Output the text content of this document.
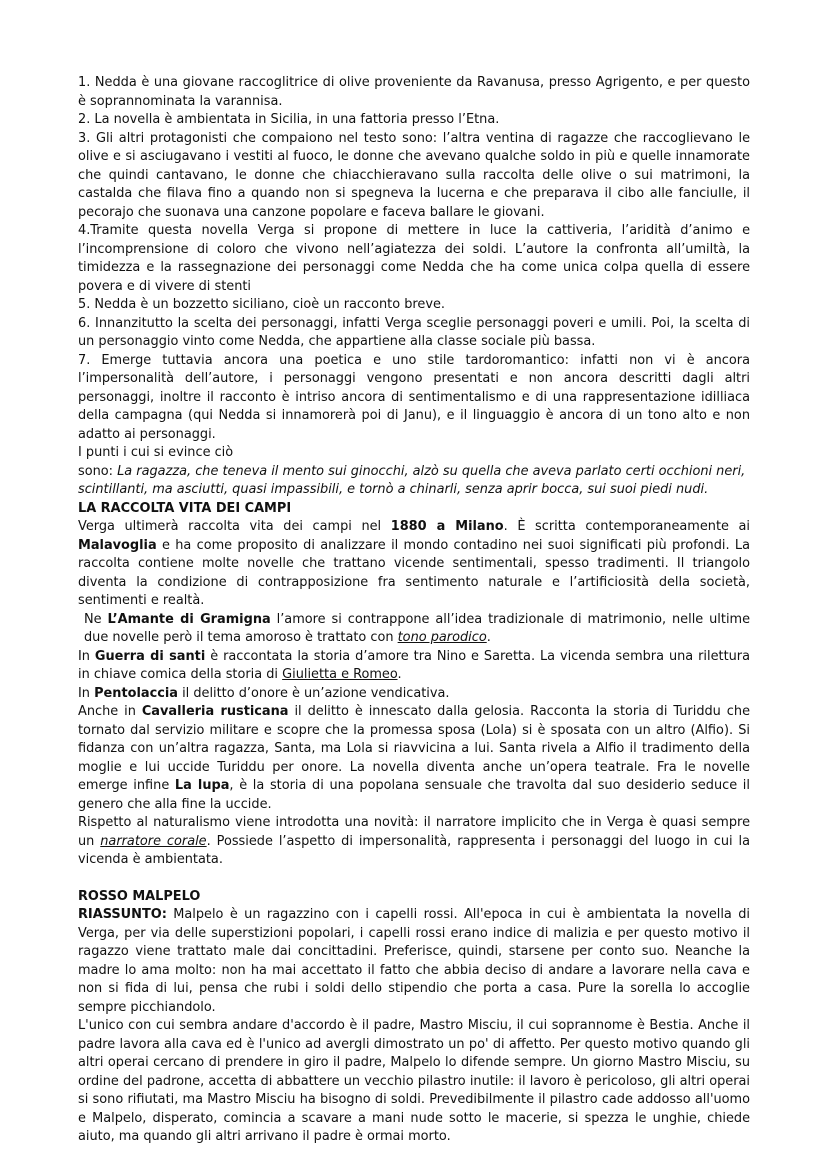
1. Nedda è una giovane raccoglitrice di olive proveniente da Ravanusa, presso Agrigento, e per questo è soprannominata la varannisa.

2. La novella è ambientata in Sicilia, in una fattoria presso l’Etna.

3. Gli altri protagonisti che compaiono nel testo sono: l’altra ventina di ragazze che raccoglievano le olive e si asciugavano i vestiti al fuoco, le donne che avevano qualche soldo in più e quelle innamorate che quindi cantavano, le donne che chiacchieravano sulla raccolta delle olive o sui matrimoni, la castalda che filava fino a quando non si spegneva la lucerna e che preparava il cibo alle fanciulle, il pecorajo che suonava una canzone popolare e faceva ballare le giovani.

4.Tramite questa novella Verga si propone di mettere in luce la cattiveria, l’aridità d’animo e l’incomprensione di coloro che vivono nell’agiatezza dei soldi. L’autore la confronta all’umiltà, la timidezza e la rassegnazione dei personaggi come Nedda che ha come unica colpa quella di essere povera e di vivere di stenti

5. Nedda è un bozzetto siciliano, cioè un racconto breve.

6. Innanzitutto la scelta dei personaggi, infatti Verga sceglie personaggi poveri e umili. Poi, la scelta di un personaggio vinto come Nedda, che appartiene alla classe sociale più bassa.

7. Emerge tuttavia ancora una poetica e uno stile tardoromantico: infatti non vi è ancora l’impersonalità dell’autore, i personaggi vengono presentati e non ancora descritti dagli altri personaggi, inoltre il racconto è intriso ancora di sentimentalismo e di una rappresentazione idilliaca della campagna (qui Nedda si innamorerà poi di Janu), e il linguaggio è ancora di un tono alto e non adatto ai personaggi.

I punti i cui si evince ciò

sono: La ragazza, che teneva il mento sui ginocchi, alzò su quella che aveva parlato certi occhioni neri, scintillanti, ma asciutti, quasi impassibili, e tornò a chinarli, senza aprir bocca, sui suoi piedi nudi.

LA RACCOLTA VITA DEI CAMPI

Verga ultimerà raccolta vita dei campi nel 1880 a Milano. È scritta contemporaneamente ai Malavoglia e ha come proposito di analizzare il mondo contadino nei suoi significati più profondi. La raccolta contiene molte novelle che trattano vicende sentimentali, spesso tradimenti. Il triangolo diventa la condizione di contrapposizione fra sentimento naturale e l’artificiosità della società, sentimenti e realtà.

Ne L’Amante di Gramigna l’amore si contrappone all’idea tradizionale di matrimonio, nelle ultime due novelle però il tema amoroso è trattato con tono parodico.

In Guerra di santi è raccontata la storia d’amore tra Nino e Saretta. La vicenda sembra una rilettura in chiave comica della storia di Giulietta e Romeo.

In Pentolaccia il delitto d’onore è un’azione vendicativa.

Anche in Cavalleria rusticana il delitto è innescato dalla gelosia. Racconta la storia di Turiddu che tornato dal servizio militare e scopre che la promessa sposa (Lola) si è sposata con un altro (Alfio). Si fidanza con un’altra ragazza, Santa, ma Lola si riavvicina a lui. Santa rivela a Alfio il tradimento della moglie e lui uccide Turiddu per onore. La novella diventa anche un’opera teatrale. Fra le novelle emerge infine La lupa, è la storia di una popolana sensuale che travolta dal suo desiderio seduce il genero che alla fine la uccide.

Rispetto al naturalismo viene introdotta una novità: il narratore implicito che in Verga è quasi sempre un narratore corale. Possiede l’aspetto di impersonalità, rappresenta i personaggi del luogo in cui la vicenda è ambientata.

ROSSO MALPELO

RIASSUNTO: Malpelo è un ragazzino con i capelli rossi. All'epoca in cui è ambientata la novella di Verga, per via delle superstizioni popolari, i capelli rossi erano indice di malizia e per questo motivo il ragazzo viene trattato male dai concittadini. Preferisce, quindi, starsene per conto suo. Neanche la madre lo ama molto: non ha mai accettato il fatto che abbia deciso di andare a lavorare nella cava e non si fida di lui, pensa che rubi i soldi dello stipendio che porta a casa. Pure la sorella lo accoglie sempre picchiandolo.

L'unico con cui sembra andare d'accordo è il padre, Mastro Misciu, il cui soprannome è Bestia. Anche il padre lavora alla cava ed è l'unico ad avergli dimostrato un po' di affetto. Per questo motivo quando gli altri operai cercano di prendere in giro il padre, Malpelo lo difende sempre. Un giorno Mastro Misciu, su ordine del padrone, accetta di abbattere un vecchio pilastro inutile: il lavoro è pericoloso, gli altri operai si sono rifiutati, ma Mastro Misciu ha bisogno di soldi. Prevedibilmente il pilastro cade addosso all'uomo e Malpelo, disperato, comincia a scavare a mani nude sotto le macerie, si spezza le unghie, chiede aiuto, ma quando gli altri arrivano il padre è ormai morto.
